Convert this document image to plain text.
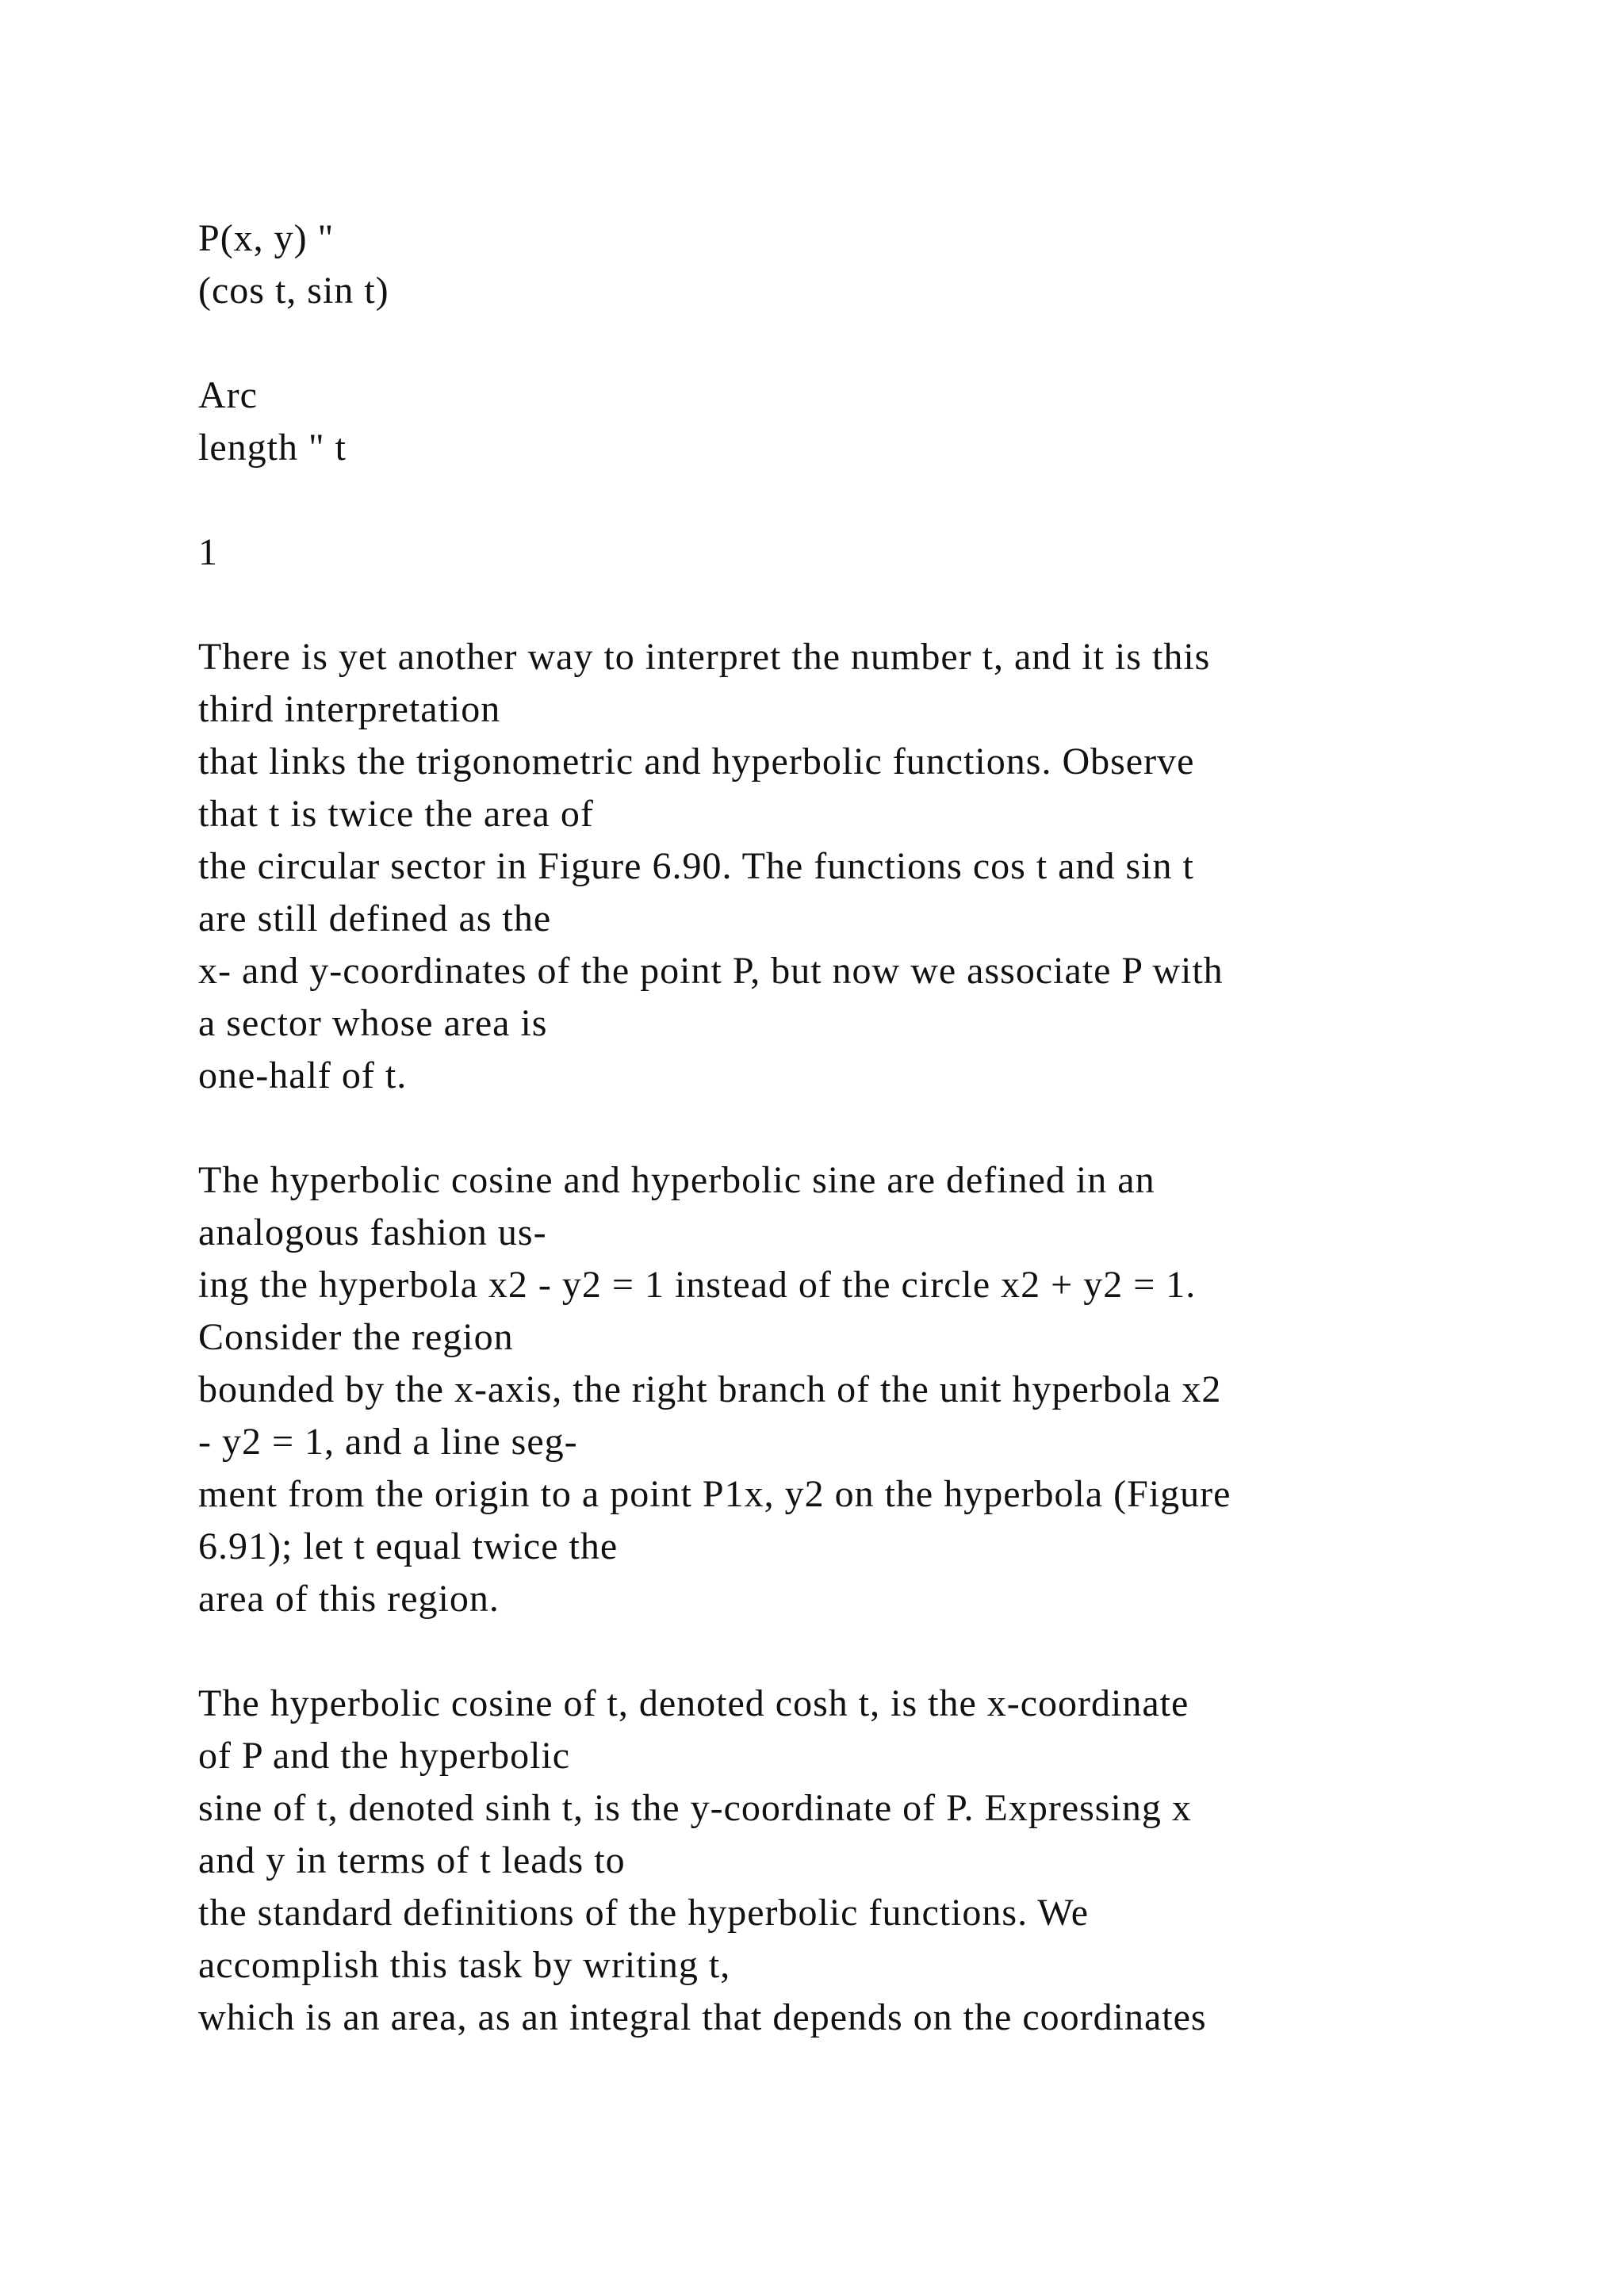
P(x, y) "
(cos t, sin t)
Arc
length " t
1
There is yet another way to interpret the number t, and it is this
third interpretation
that links the trigonometric and hyperbolic functions. Observe
that t is twice the area of
the circular sector in Figure 6.90. The functions cos t and sin t
are still defined as the
x- and y-coordinates of the point P, but now we associate P with
a sector whose area is
one-half of t.
The hyperbolic cosine and hyperbolic sine are defined in an
analogous fashion us-
ing the hyperbola x2 - y2 = 1 instead of the circle x2 + y2 = 1.
Consider the region
bounded by the x-axis, the right branch of the unit hyperbola x2
- y2 = 1, and a line seg-
ment from the origin to a point P1x, y2 on the hyperbola (Figure
6.91); let t equal twice the
area of this region.
The hyperbolic cosine of t, denoted cosh t, is the x-coordinate
of P and the hyperbolic
sine of t, denoted sinh t, is the y-coordinate of P. Expressing x
and y in terms of t leads to
the standard definitions of the hyperbolic functions. We
accomplish this task by writing t,
which is an area, as an integral that depends on the coordinates
